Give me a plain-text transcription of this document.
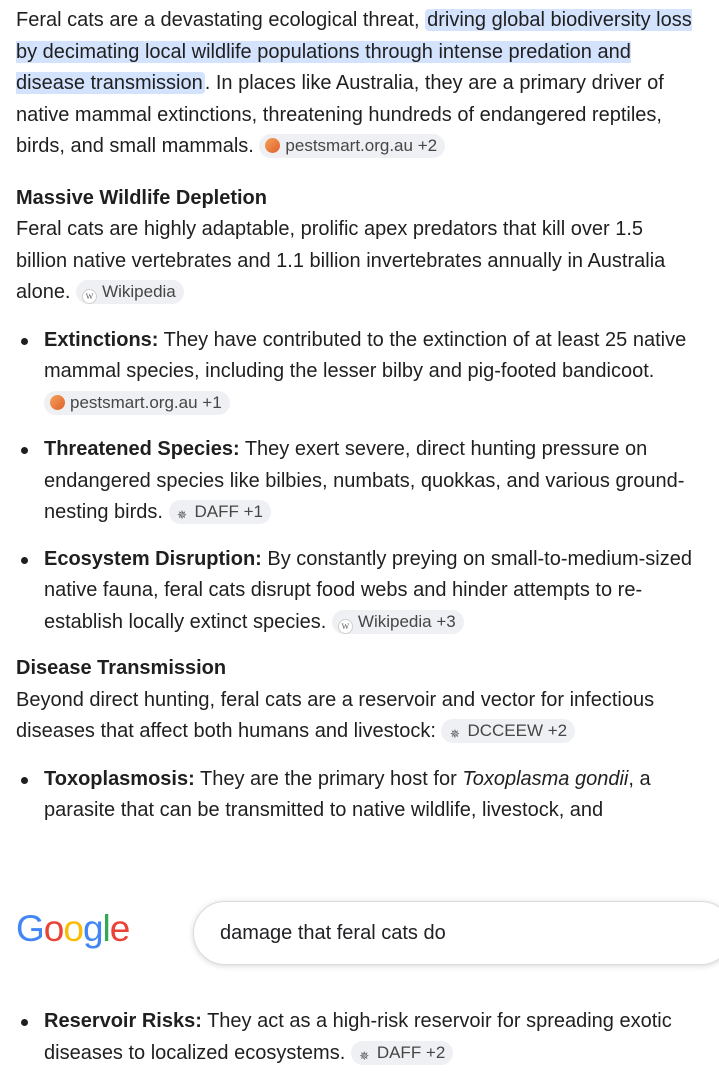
Feral cats are a devastating ecological threat, driving global biodiversity loss by decimating local wildlife populations through intense predation and disease transmission . In places like Australia, they are a primary driver of native mammal extinctions, threatening hundreds of endangered reptiles, birds, and small mammals. pestsmart.org.au +2

Massive Wildlife Depletion

Feral cats are highly adaptable, prolific apex predators that kill over 1.5 billion native vertebrates and 1.1 billion invertebrates annually in Australia alone. W Wikipedia

Extinctions: They have contributed to the extinction of at least 25 native mammal species, including the lesser bilby and pig-footed bandicoot. pestsmart.org.au +1
Threatened Species: They exert severe, direct hunting pressure on endangered species like bilbies, numbats, quokkas, and various ground-nesting birds. ✵ DAFF +1
Ecosystem Disruption: By constantly preying on small-to-medium-sized native fauna, feral cats disrupt food webs and hinder attempts to re-establish locally extinct species. W Wikipedia +3

Disease Transmission

Beyond direct hunting, feral cats are a reservoir and vector for infectious diseases that affect both humans and livestock: ✵ DCCEEW +2

Toxoplasmosis: They are the primary host for Toxoplasma gondii, a parasite that can be transmitted to native wildlife, livestock, and
Reservoir Risks: They act as a high-risk reservoir for spreading exotic diseases to localized ecosystems. ✵ DAFF +2
Google	damage that feral cats do
